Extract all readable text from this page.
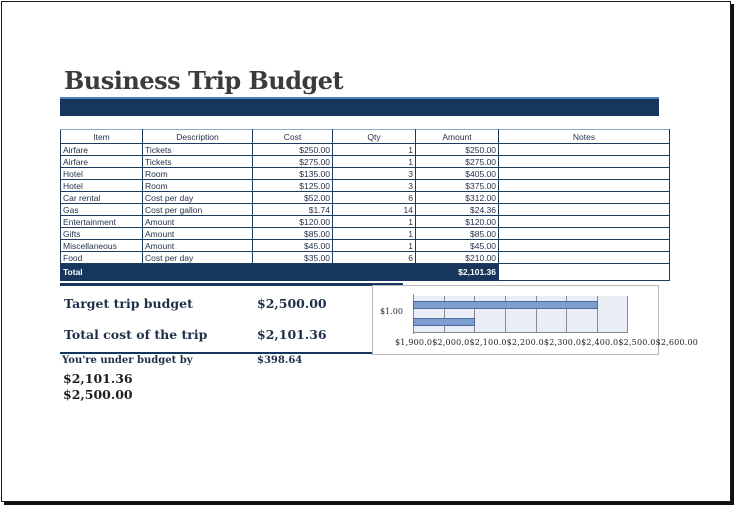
Business Trip Budget
Item	Description	Cost	Qty	Amount	Notes
Airfare	Tickets	$250.00	1	$250.00	
Airfare	Tickets	$275.00	1	$275.00	
Hotel	Room	$135.00	3	$405.00	
Hotel	Room	$125.00	3	$375.00	
Car rental	Cost per day	$52.00	6	$312.00	
Gas	Cost per gallon	$1.74	14	$24.36	
Entertainment	Amount	$120.00	1	$120.00	
Gifts	Amount	$85.00	1	$85.00	
Miscellaneous	Amount	$45.00	1	$45.00	
Food	Cost per day	$35.00	6	$210.00	
Total				$2,101.36	
Target trip budget	$2,500.00
Total cost of the trip	$2,101.36
You're under budget by	$398.64
$2,101.36
$2,500.00
$1.00
$1,900.0$2,000.0$2,100.0$2,200.0$2,300.0$2,400.0$2,500.0$2,600.00
